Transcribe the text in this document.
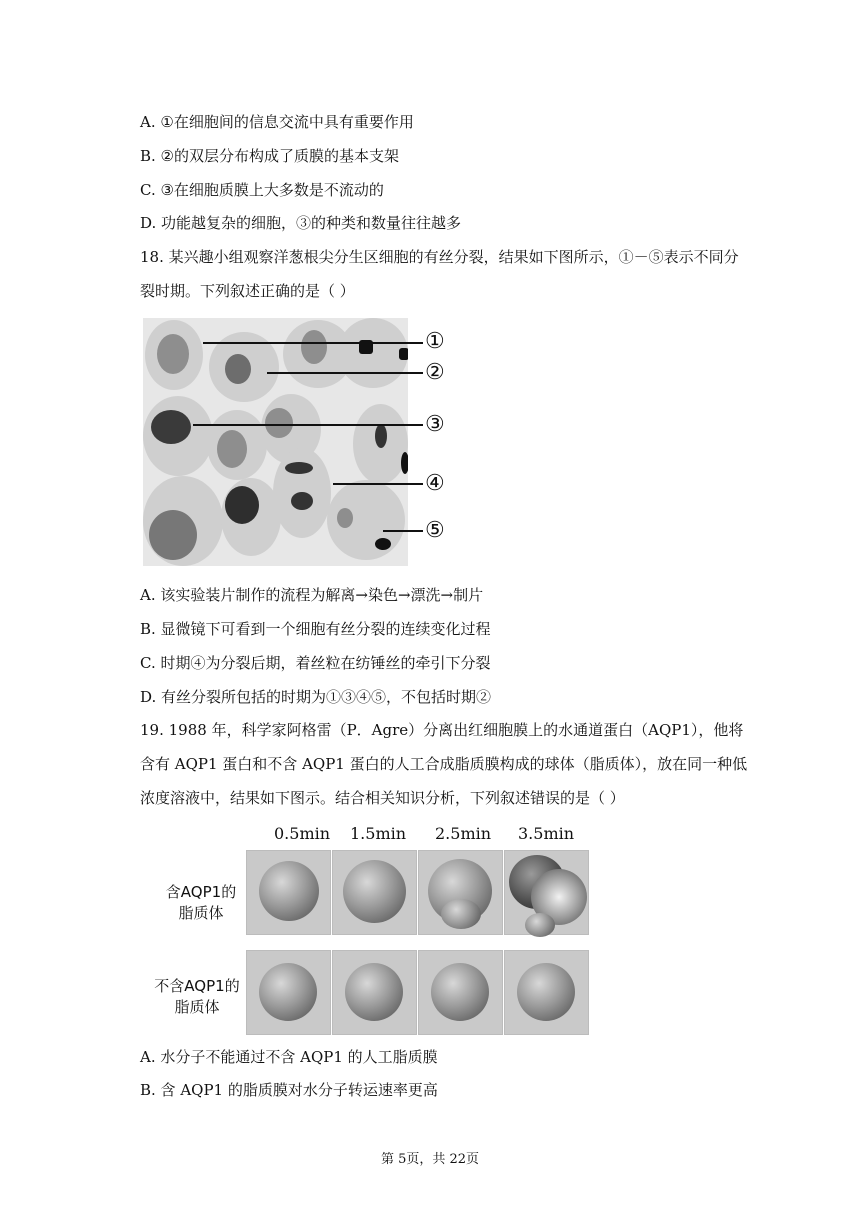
A. ①在细胞间的信息交流中具有重要作用
B. ②的双层分布构成了质膜的基本支架
C. ③在细胞质膜上大多数是不流动的
D. 功能越复杂的细胞，③的种类和数量往往越多
18. 某兴趣小组观察洋葱根尖分生区细胞的有丝分裂，结果如下图所示，①－⑤表示不同分
裂时期。下列叙述正确的是（ ）
①
②
③
④
⑤
A. 该实验装片制作的流程为解离→染色→漂洗→制片
B. 显微镜下可看到一个细胞有丝分裂的连续变化过程
C. 时期④为分裂后期，着丝粒在纺锤丝的牵引下分裂
D. 有丝分裂所包括的时期为①③④⑤，不包括时期②
19. 1988 年，科学家阿格雷（P．Agre）分离出红细胞膜上的水通道蛋白（AQP1），他将
含有 AQP1 蛋白和不含 AQP1 蛋白的人工合成脂质膜构成的球体（脂质体），放在同一种低
浓度溶液中，结果如下图示。结合相关知识分析，下列叙述错误的是（ ）
0.5min 1.5min 2.5min 3.5min
含AQP1的
脂质体
不含AQP1的
脂质体
A. 水分子不能通过不含 AQP1 的人工脂质膜
B. 含 AQP1 的脂质膜对水分子转运速率更高
第 5页，共 22页
